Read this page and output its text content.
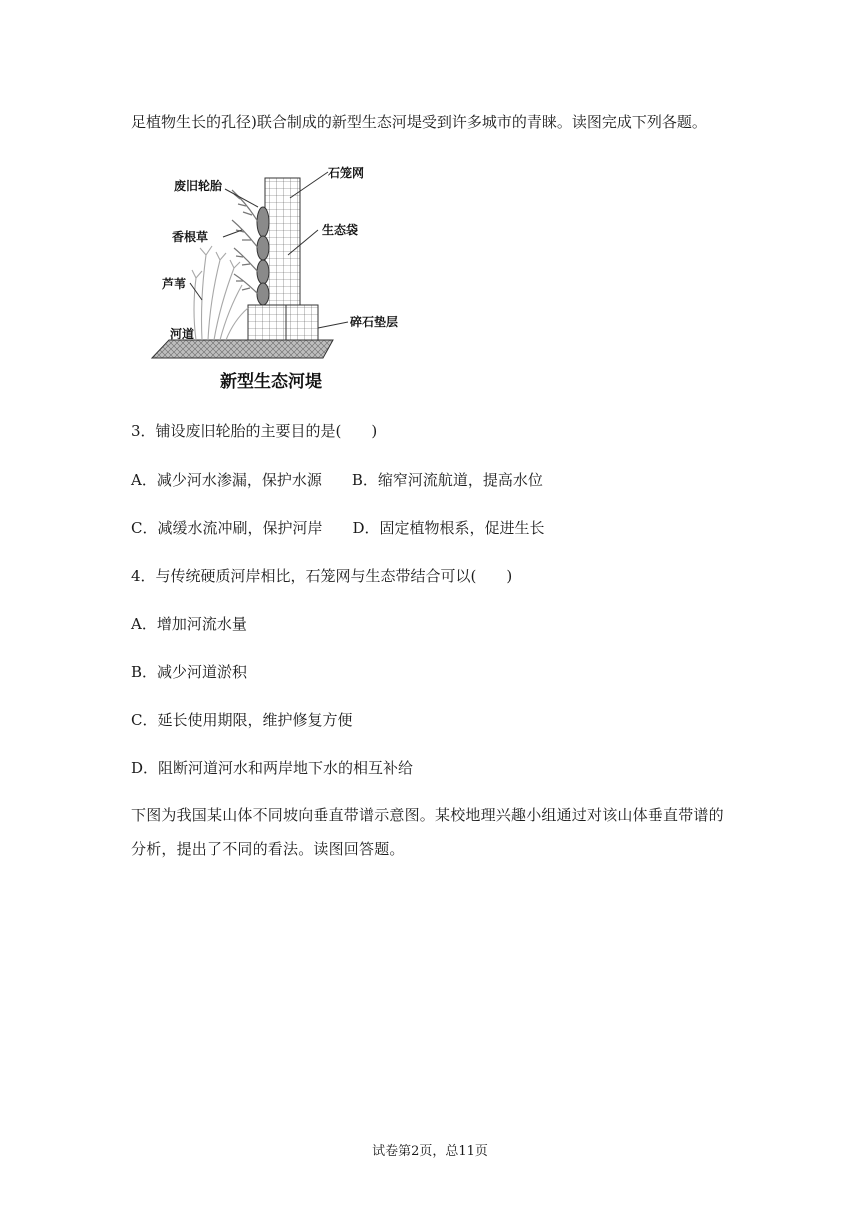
足植物生长的孔径)联合制成的新型生态河堤受到许多城市的青睐。读图完成下列各题。
废旧轮胎
石笼网
香根草	生态袋
芦苇
河道
碎石垫层
新型生态河堤
3．铺设废旧轮胎的主要目的是(　　)
A．减少河水渗漏，保护水源　　B．缩窄河流航道，提高水位
C．减缓水流冲刷，保护河岸　　D．固定植物根系，促进生长
4．与传统硬质河岸相比，石笼网与生态带结合可以(　　)
A．增加河流水量
B．减少河道淤积
C．延长使用期限，维护修复方便
D．阻断河道河水和两岸地下水的相互补给
下图为我国某山体不同坡向垂直带谱示意图。某校地理兴趣小组通过对该山体垂直带谱的分析，提出了不同的看法。读图回答题。
试卷第2页，总11页
